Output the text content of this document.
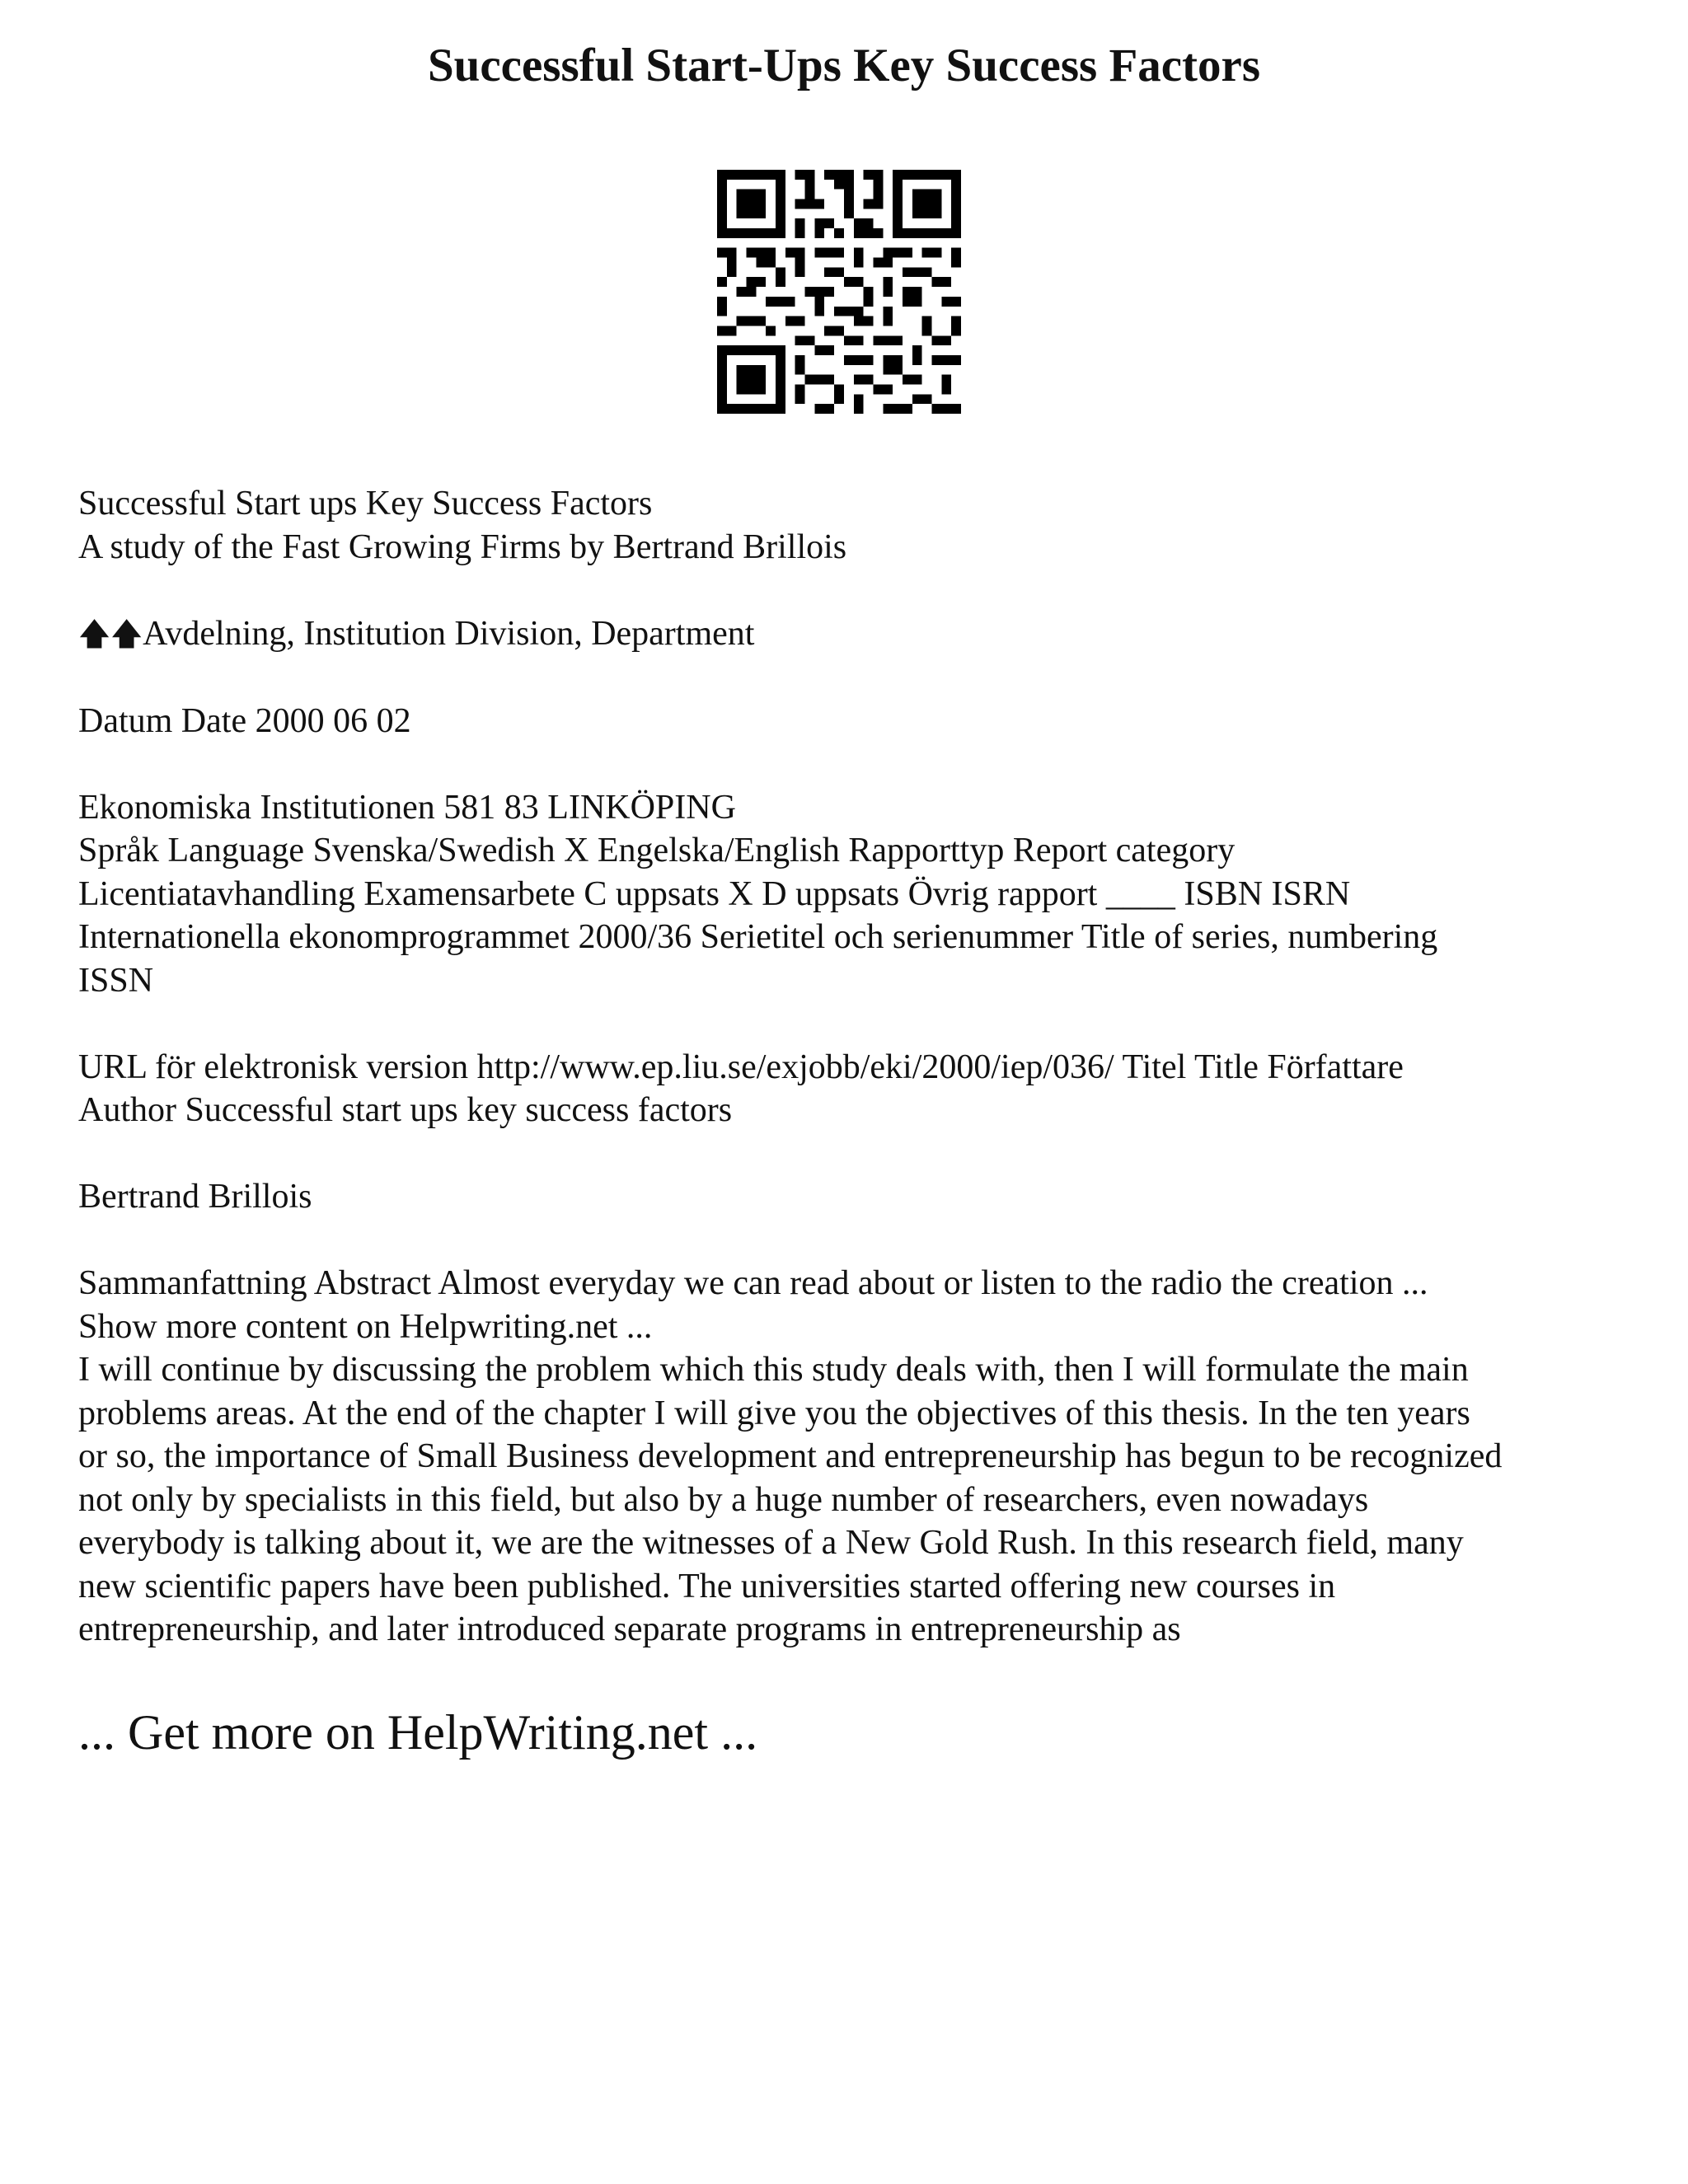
Successful Start-Ups Key Success Factors

Successful Start ups Key Success Factors
A study of the Fast Growing Firms by Bertrand Brillois

🡅🡅Avdelning, Institution Division, Department

Datum Date 2000 06 02

Ekonomiska Institutionen 581 83 LINKÖPING
Språk Language Svenska/Swedish X Engelska/English Rapporttyp Report category
Licentiatavhandling Examensarbete C uppsats X D uppsats Övrig rapport ____ ISBN ISRN
Internationella ekonomprogrammet 2000/36 Serietitel och serienummer Title of series, numbering
ISSN

URL för elektronisk version http://www.ep.liu.se/exjobb/eki/2000/iep/036/ Titel Title Författare
Author Successful start ups key success factors

Bertrand Brillois

Sammanfattning Abstract Almost everyday we can read about or listen to the radio the creation ...
Show more content on Helpwriting.net ...

I will continue by discussing the problem which this study deals with, then I will formulate the main
problems areas. At the end of the chapter I will give you the objectives of this thesis. In the ten years
or so, the importance of Small Business development and entrepreneurship has begun to be recognized
not only by specialists in this field, but also by a huge number of researchers, even nowadays
everybody is talking about it, we are the witnesses of a New Gold Rush. In this research field, many
new scientific papers have been published. The universities started offering new courses in
entrepreneurship, and later introduced separate programs in entrepreneurship as

... Get more on HelpWriting.net ...
